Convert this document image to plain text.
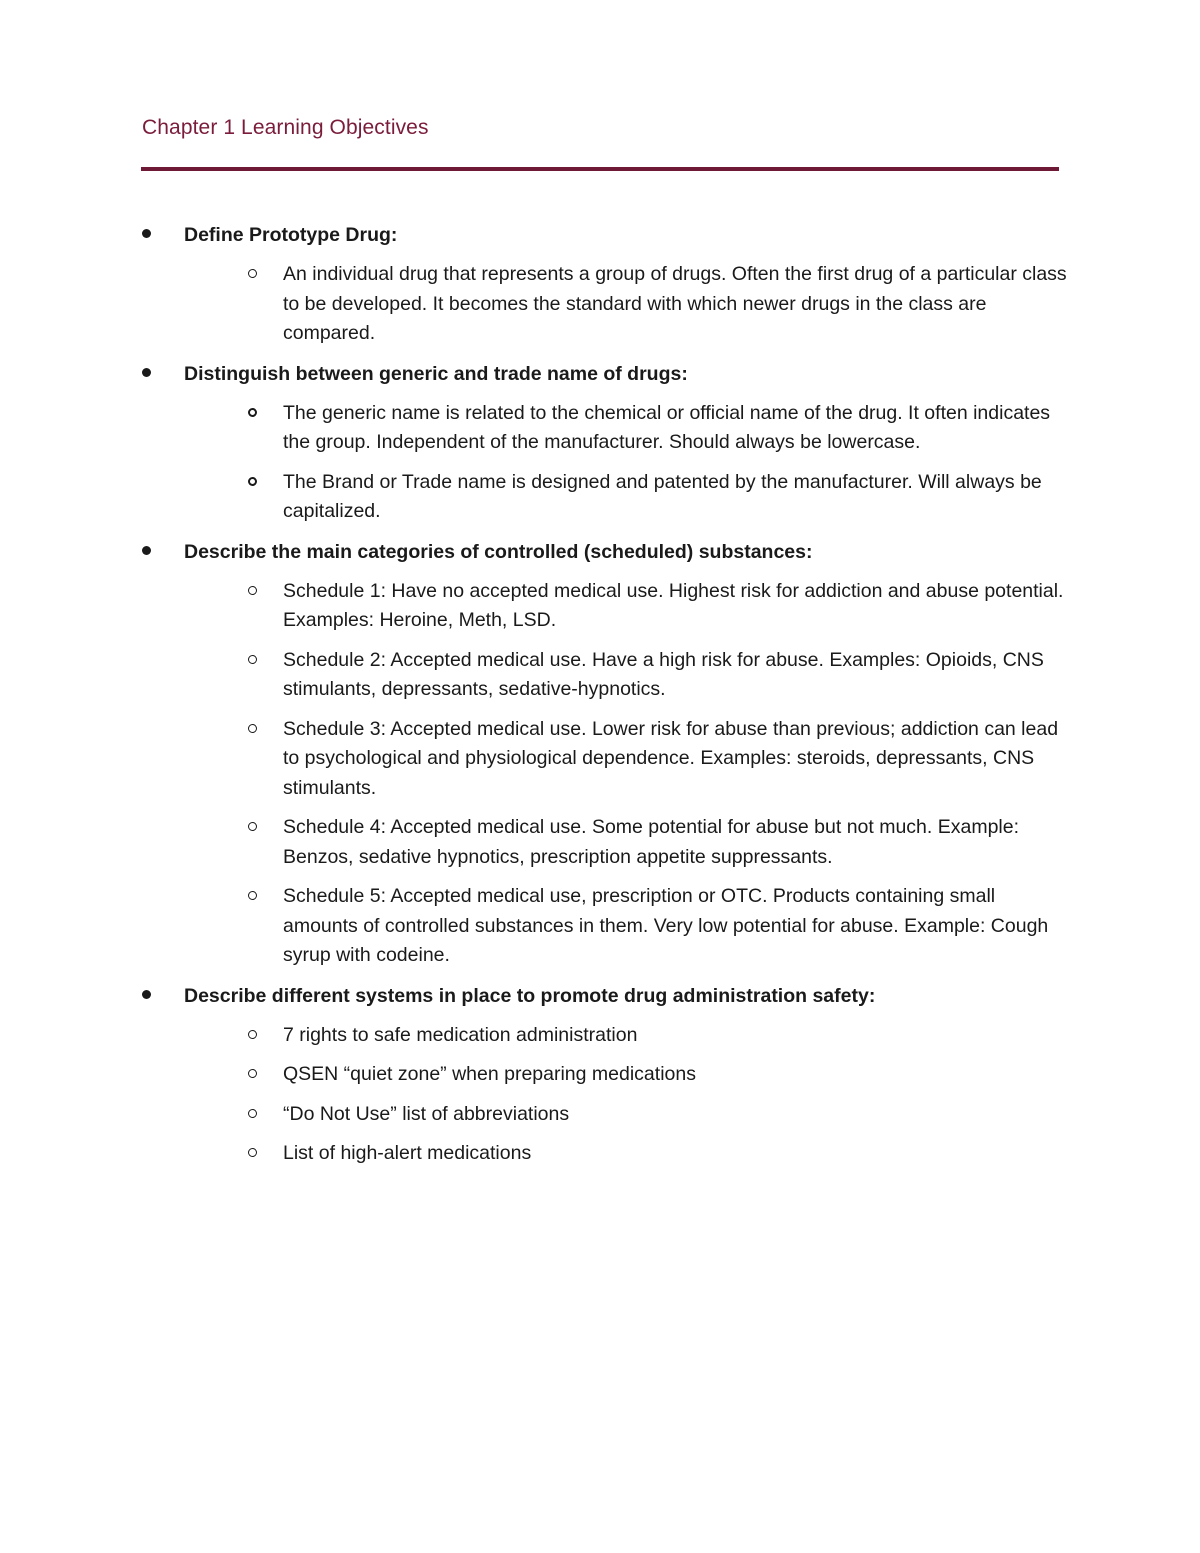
Chapter 1 Learning Objectives
Define Prototype Drug:
An individual drug that represents a group of drugs. Often the first drug of a particular class to be developed. It becomes the standard with which newer drugs in the class are compared.
Distinguish between generic and trade name of drugs:
The generic name is related to the chemical or official name of the drug. It often indicates the group. Independent of the manufacturer. Should always be lowercase.
The Brand or Trade name is designed and patented by the manufacturer. Will always be capitalized.
Describe the main categories of controlled (scheduled) substances:
Schedule 1: Have no accepted medical use. Highest risk for addiction and abuse potential. Examples: Heroine, Meth, LSD.
Schedule 2: Accepted medical use. Have a high risk for abuse. Examples: Opioids, CNS stimulants, depressants, sedative-hypnotics.
Schedule 3: Accepted medical use. Lower risk for abuse than previous; addiction can lead to psychological and physiological dependence. Examples: steroids, depressants, CNS stimulants.
Schedule 4: Accepted medical use. Some potential for abuse but not much. Example: Benzos, sedative hypnotics, prescription appetite suppressants.
Schedule 5: Accepted medical use, prescription or OTC. Products containing small amounts of controlled substances in them. Very low potential for abuse. Example: Cough syrup with codeine.
Describe different systems in place to promote drug administration safety:
7 rights to safe medication administration
QSEN “quiet zone” when preparing medications
“Do Not Use” list of abbreviations
List of high-alert medications
